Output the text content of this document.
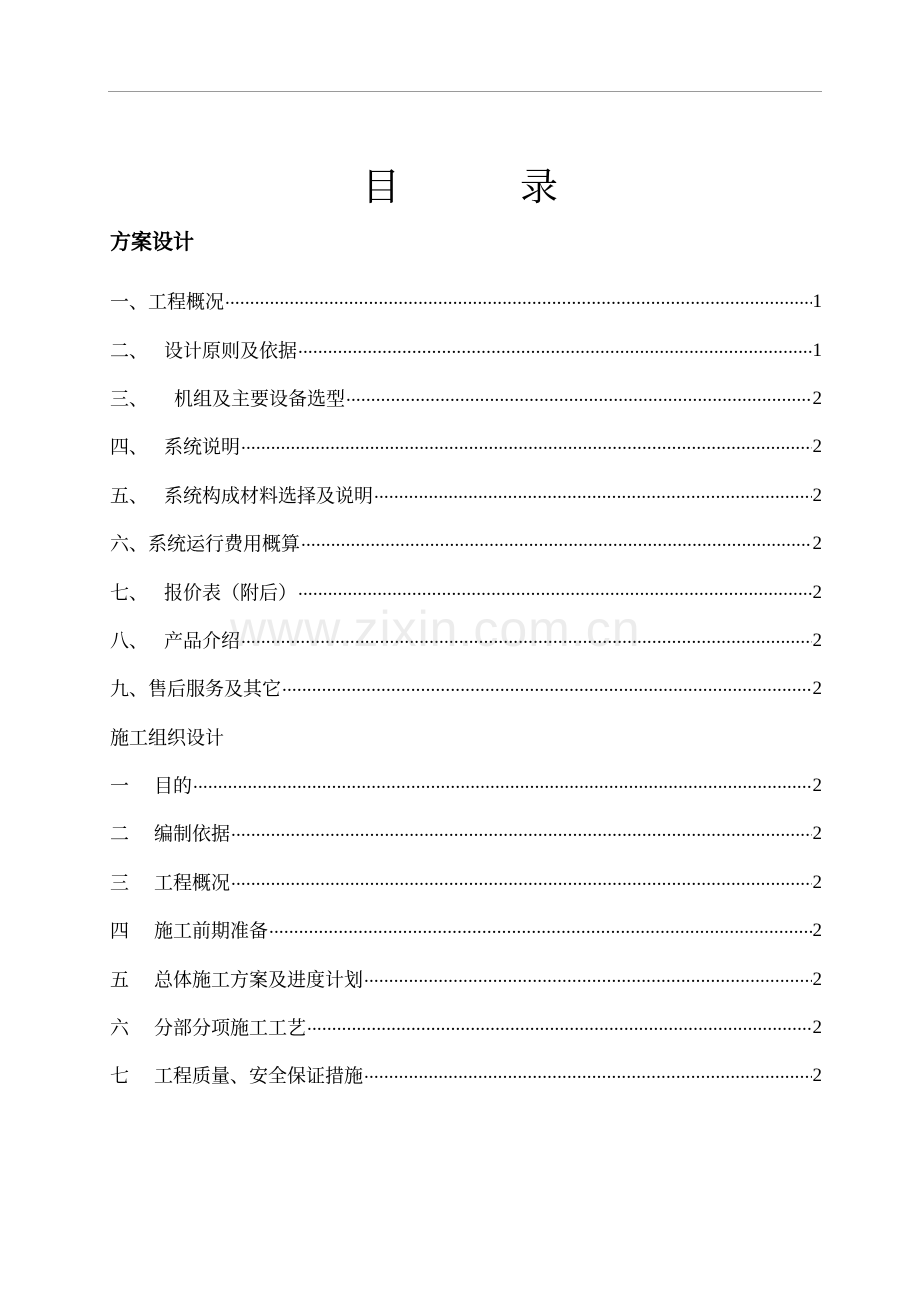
目	录
方案设计
一、工程概况 .....	1
二、 设计原则及依据 .....	1
三、 机组及主要设备选型 .....	2
四、 系统说明 .....	2
五、 系统构成材料选择及说明 .....	2
六、系统运行费用概算 .....	2
七、 报价表（附后） .....	2
八、 产品介绍 .....	2
九、售后服务及其它 .....	2
施工组织设计
一 目的 .....	2
二 编制依据 .....	2
三 工程概况 .....	2
四 施工前期准备 .....	2
五 总体施工方案及进度计划 .....	2
六 分部分项施工工艺 .....	2
七 工程质量、安全保证措施 .....	2
www.zixin.com.cn
